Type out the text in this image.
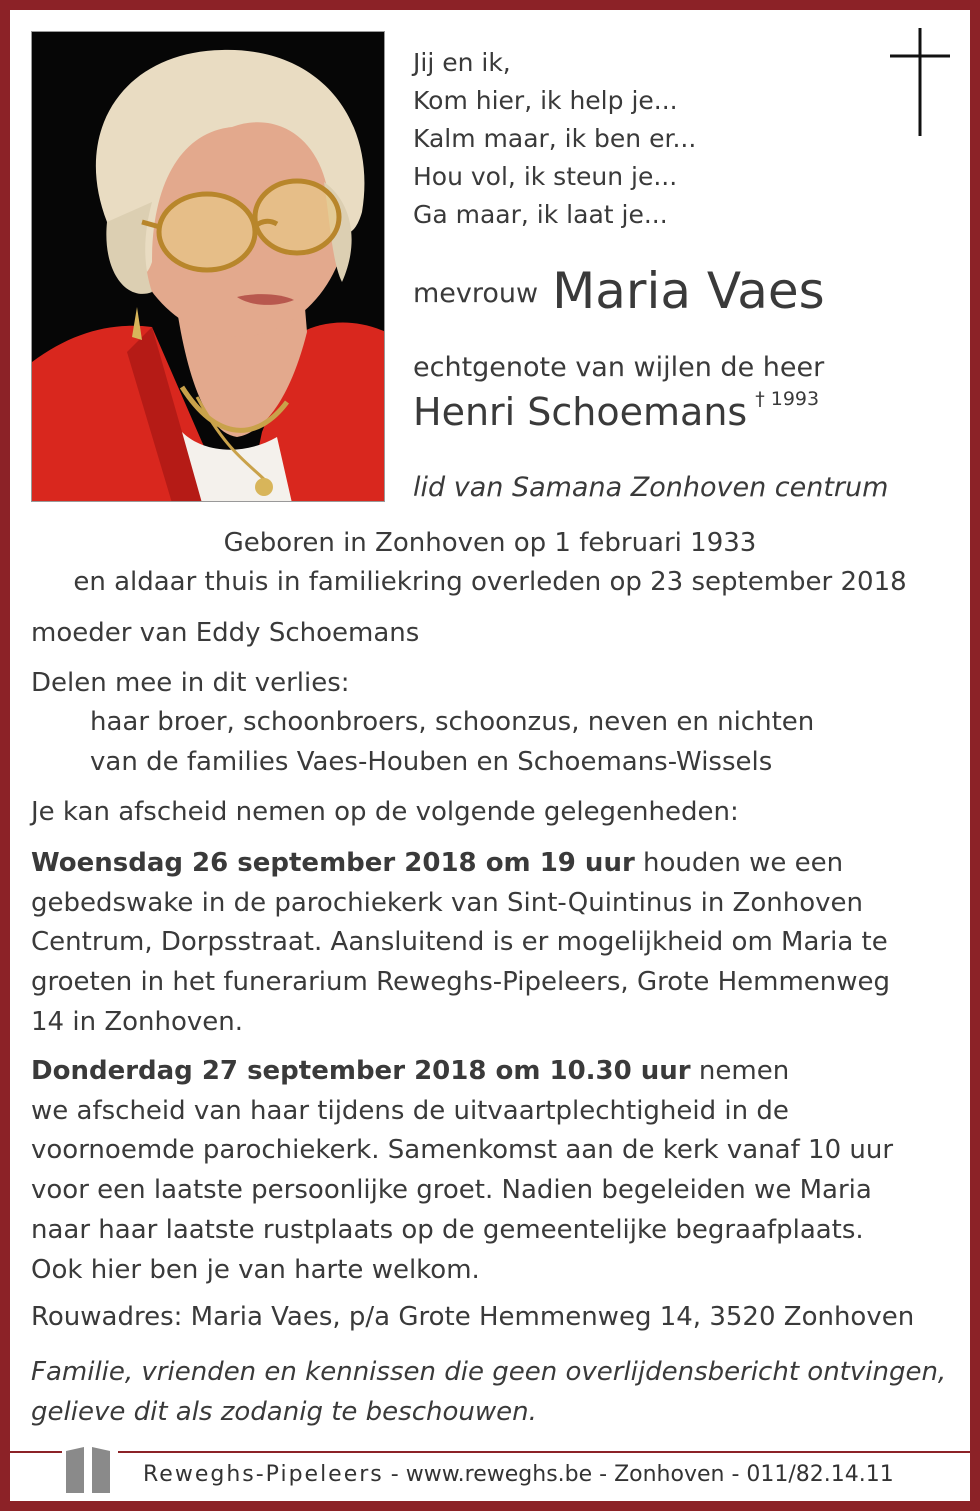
Jij en ik,
Kom hier, ik help je...
Kalm maar, ik ben er...
Hou vol, ik steun je...
Ga maar, ik laat je...
mevrouw Maria Vaes
echtgenote van wijlen de heer
Henri Schoemans † 1993
lid van Samana Zonhoven centrum
Geboren in Zonhoven op 1 februari 1933
en aldaar thuis in familiekring overleden op 23 september 2018
moeder van Eddy Schoemans
Delen mee in dit verlies:
haar broer, schoonbroers, schoonzus, neven en nichten
van de families Vaes-Houben en Schoemans-Wissels
Je kan afscheid nemen op de volgende gelegenheden:
Woensdag 26 september 2018 om 19 uur houden we een
gebedswake in de parochiekerk van Sint-Quintinus in Zonhoven
Centrum, Dorpsstraat. Aansluitend is er mogelijkheid om Maria te
groeten in het funerarium Reweghs-Pipeleers, Grote Hemmenweg
14 in Zonhoven.
Donderdag 27 september 2018 om 10.30 uur nemen
we afscheid van haar tijdens de uitvaartplechtigheid in de
voornoemde parochiekerk. Samenkomst aan de kerk vanaf 10 uur
voor een laatste persoonlijke groet. Nadien begeleiden we Maria
naar haar laatste rustplaats op de gemeentelijke begraafplaats.
Ook hier ben je van harte welkom.
Rouwadres: Maria Vaes, p/a Grote Hemmenweg 14, 3520 Zonhoven
Familie, vrienden en kennissen die geen overlijdensbericht ontvingen,
gelieve dit als zodanig te beschouwen.
Reweghs-Pipeleers - www.reweghs.be - Zonhoven - 011/82.14.11
